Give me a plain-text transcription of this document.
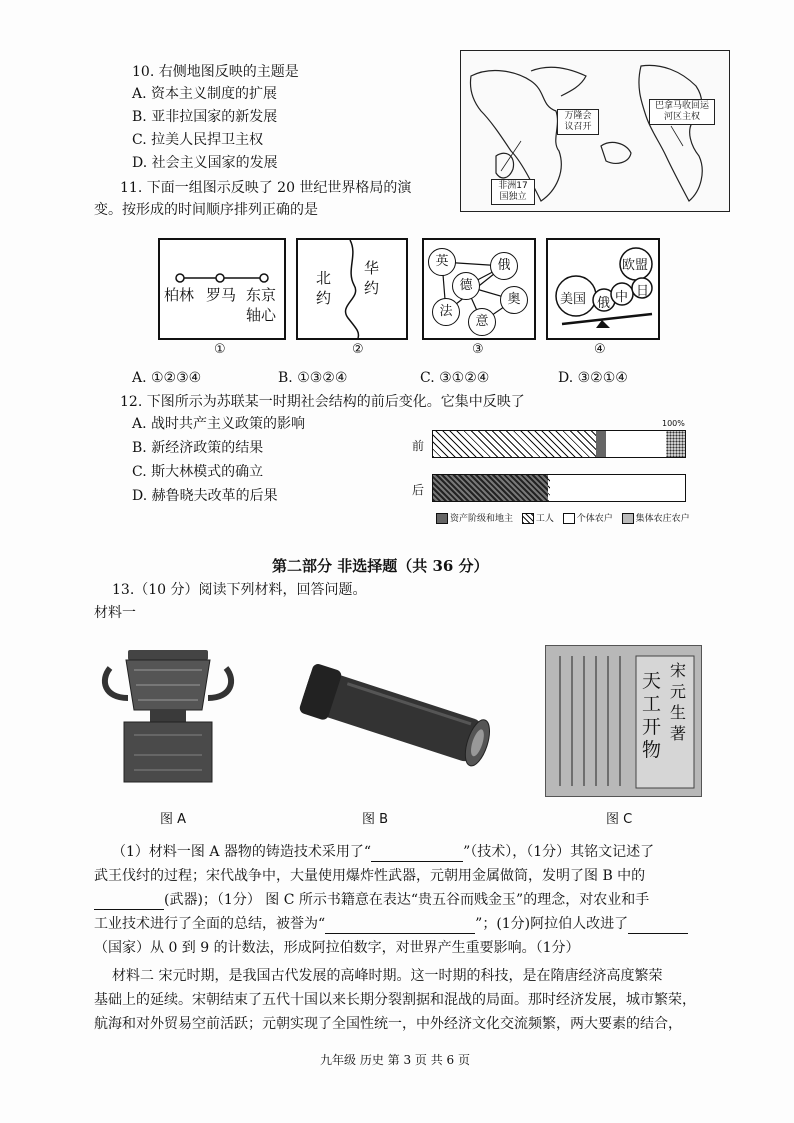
10. 右侧地图反映的主题是
A. 资本主义制度的扩展
B. 亚非拉国家的新发展
C. 拉美人民捍卫主权
D. 社会主义国家的发展
万隆会议召开
巴拿马收回运河区主权
非洲17国独立
11. 下面一组图示反映了 20 世纪世界格局的演
变。按形成的时间顺序排列正确的是
柏林 罗马 东京
轴心
北约
华约
英
德
俄
法
奥
意
美国
欧盟
俄 中 日
①	②	③	④
A. ①②③④	B. ①③②④	C. ③①②④	D. ③②①④
12. 下图所示为苏联某一时期社会结构的前后变化。它集中反映了
A. 战时共产主义政策的影响
B. 新经济政策的结果
C. 斯大林模式的确立
D. 赫鲁晓夫改革的后果
100%
前
后
资产阶级和地主	工人	个体农户	集体农庄农户
第二部分 非选择题（共 36 分）
13.（10 分）阅读下列材料，回答问题。
材料一
图 A	图 B
天工开物
宋元生著
图 C
（1）材料一图 A 器物的铸造技术采用了“	”（技术），（1分）其铭文记述了
武王伐纣的过程；宋代战争中，大量使用爆炸性武器，元朝用金属做筒，发明了图 B 中的
(武器)；（1分） 图 C 所示书籍意在表达“贵五谷而贱金玉”的理念，对农业和手
工业技术进行了全面的总结，被誉为“	”；(1分)阿拉伯人改进了
（国家）从 0 到 9 的计数法，形成阿拉伯数字，对世界产生重要影响。（1分）
材料二 宋元时期，是我国古代发展的高峰时期。这一时期的科技，是在隋唐经济高度繁荣
基础上的延续。宋朝结束了五代十国以来长期分裂割据和混战的局面。那时经济发展，城市繁荣，
航海和对外贸易空前活跃；元朝实现了全国性统一，中外经济文化交流频繁，两大要素的结合，
九年级 历史 第 3 页 共 6 页
